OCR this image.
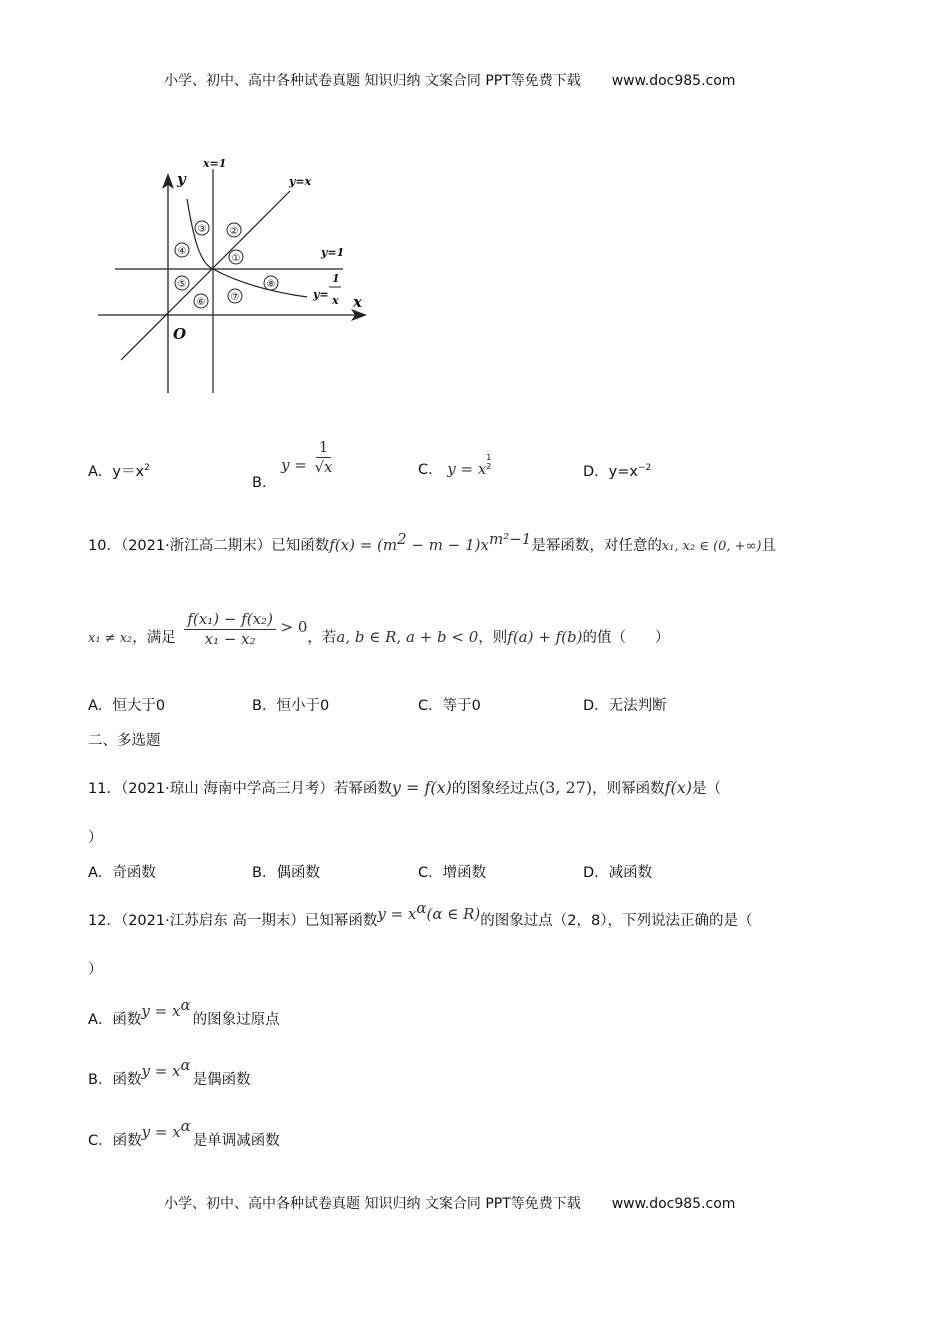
小学、初中、高中各种试卷真题 知识归纳 文案合同 PPT等免费下载 www.doc985.com
x=1
y=x
y=1
y
x
O
y=
1
x
①
②
③
④
⑤
⑥	⑦
⑧
A．$y=x^2$
B． $y = \frac{1}{√x}$	C． y = x
1
2	D．$y=x^{-2}$
10．（2021·浙江高二期末）已知函数$f(x) = (m^2 - m - 1)x^{m^2-1}$是幂函数，对任意的x₁, x₂ ∈ (0, +∞)且
x₁ ≠ x₂，满足 $\frac{\text{f(x₁) − f(x₂)}}{\text{x₁ − x₂}} > 0$，若a, b ∈ R, a + b < 0，则f(a) + f(b)的值（　　）
A．恒大于0	B．恒小于0	C．等于0	D．无法判断
二、多选题
11．（2021·琼山 海南中学高三月考）若幂函数y = f(x)的图象经过点(3, 27)，则幂函数f(x)是（
）
A．奇函数	B．偶函数	C．增函数	D．减函数
12．（2021·江苏启东 高一期末）已知幂函数$y = x^\alpha(\alpha$ ∈ R)的图象过点（2，8），下列说法正确的是（
）
A．函数$y = x^\alpha$的图象过原点
B．函数$y = x^\alpha$是偶函数
C．函数$y = x^\alpha$是单调减函数
小学、初中、高中各种试卷真题 知识归纳 文案合同 PPT等免费下载 www.doc985.com
